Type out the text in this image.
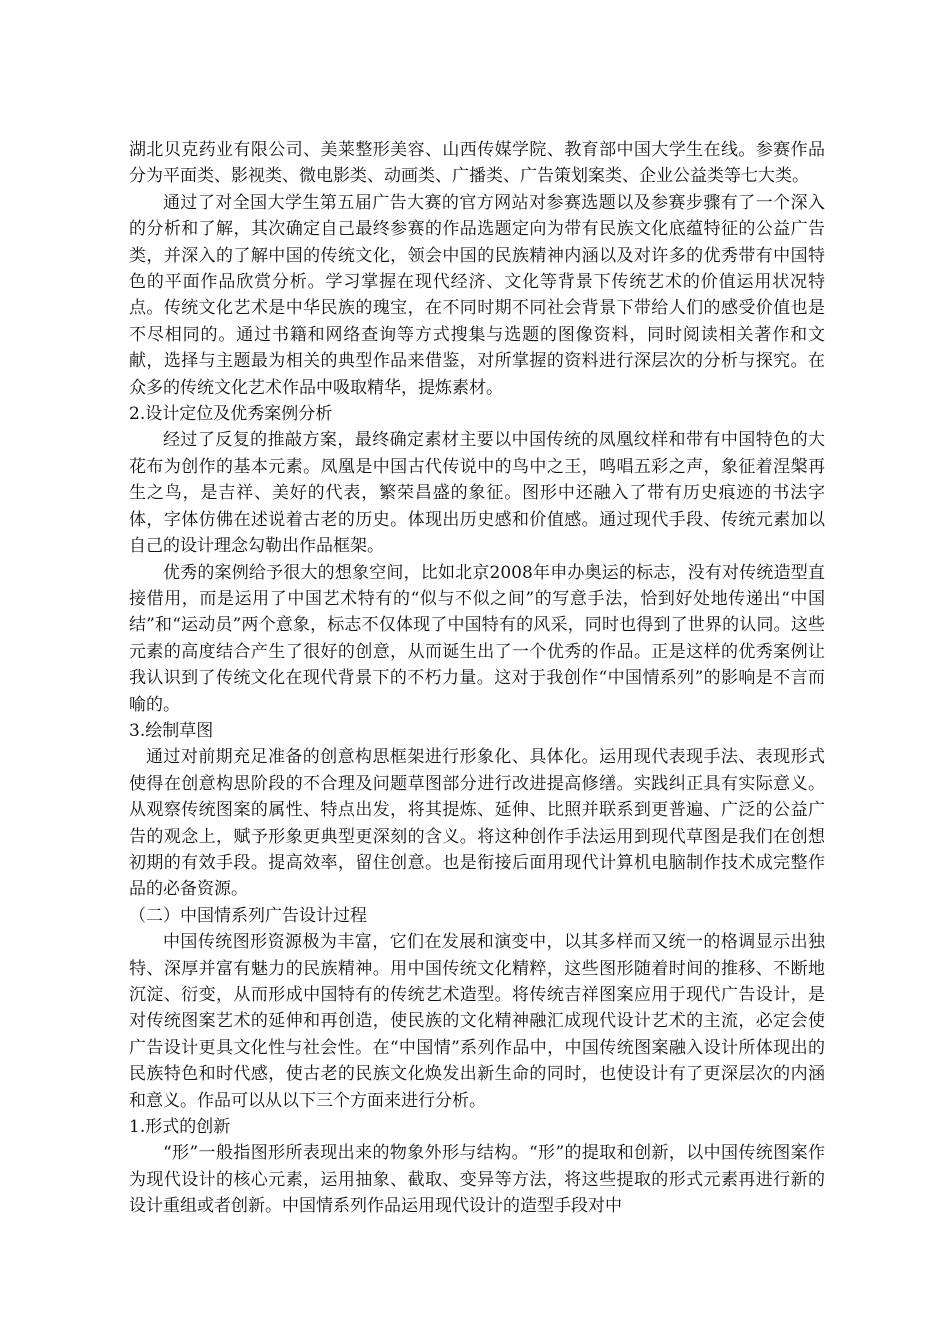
湖北贝克药业有限公司、美莱整形美容、山西传媒学院、教育部中国大学生在线。参赛作品分为平面类、影视类、微电影类、动画类、广播类、广告策划案类、企业公益类等七大类。

通过了对全国大学生第五届广告大赛的官方网站对参赛选题以及参赛步骤有了一个深入的分析和了解，其次确定自己最终参赛的作品选题定向为带有民族文化底蕴特征的公益广告类，并深入的了解中国的传统文化，领会中国的民族精神内涵以及对许多的优秀带有中国特色的平面作品欣赏分析。学习掌握在现代经济、文化等背景下传统艺术的价值运用状况特点。传统文化艺术是中华民族的瑰宝，在不同时期不同社会背景下带给人们的感受价值也是不尽相同的。通过书籍和网络查询等方式搜集与选题的图像资料，同时阅读相关著作和文献，选择与主题最为相关的典型作品来借鉴，对所掌握的资料进行深层次的分析与探究。在众多的传统文化艺术作品中吸取精华，提炼素材。

2.设计定位及优秀案例分析

经过了反复的推敲方案，最终确定素材主要以中国传统的凤凰纹样和带有中国特色的大花布为创作的基本元素。凤凰是中国古代传说中的鸟中之王，鸣唱五彩之声，象征着涅槃再生之鸟，是吉祥、美好的代表，繁荣昌盛的象征。图形中还融入了带有历史痕迹的书法字体，字体仿佛在述说着古老的历史。体现出历史感和价值感。通过现代手段、传统元素加以自己的设计理念勾勒出作品框架。

优秀的案例给予很大的想象空间，比如北京2008年申办奥运的标志，没有对传统造型直接借用，而是运用了中国艺术特有的“似与不似之间”的写意手法，恰到好处地传递出“中国结”和“运动员”两个意象，标志不仅体现了中国特有的风采，同时也得到了世界的认同。这些元素的高度结合产生了很好的创意，从而诞生出了一个优秀的作品。正是这样的优秀案例让我认识到了传统文化在现代背景下的不朽力量。这对于我创作“中国情系列”的影响是不言而喻的。

3.绘制草图

通过对前期充足准备的创意构思框架进行形象化、具体化。运用现代表现手法、表现形式使得在创意构思阶段的不合理及问题草图部分进行改进提高修缮。实践纠正具有实际意义。从观察传统图案的属性、特点出发，将其提炼、延伸、比照并联系到更普遍、广泛的公益广告的观念上，赋予形象更典型更深刻的含义。将这种创作手法运用到现代草图是我们在创想初期的有效手段。提高效率，留住创意。也是衔接后面用现代计算机电脑制作技术成完整作品的必备资源。

（二）中国情系列广告设计过程

中国传统图形资源极为丰富，它们在发展和演变中，以其多样而又统一的格调显示出独特、深厚并富有魅力的民族精神。用中国传统文化精粹，这些图形随着时间的推移、不断地沉淀、衍变，从而形成中国特有的传统艺术造型。将传统吉祥图案应用于现代广告设计，是对传统图案艺术的延伸和再创造，使民族的文化精神融汇成现代设计艺术的主流，必定会使广告设计更具文化性与社会性。在“中国情”系列作品中，中国传统图案融入设计所体现出的民族特色和时代感，使古老的民族文化焕发出新生命的同时，也使设计有了更深层次的内涵和意义。作品可以从以下三个方面来进行分析。

1.形式的创新

“形”一般指图形所表现出来的物象外形与结构。“形”的提取和创新，以中国传统图案作为现代设计的核心元素，运用抽象、截取、变异等方法，将这些提取的形式元素再进行新的设计重组或者创新。中国情系列作品运用现代设计的造型手段对中
